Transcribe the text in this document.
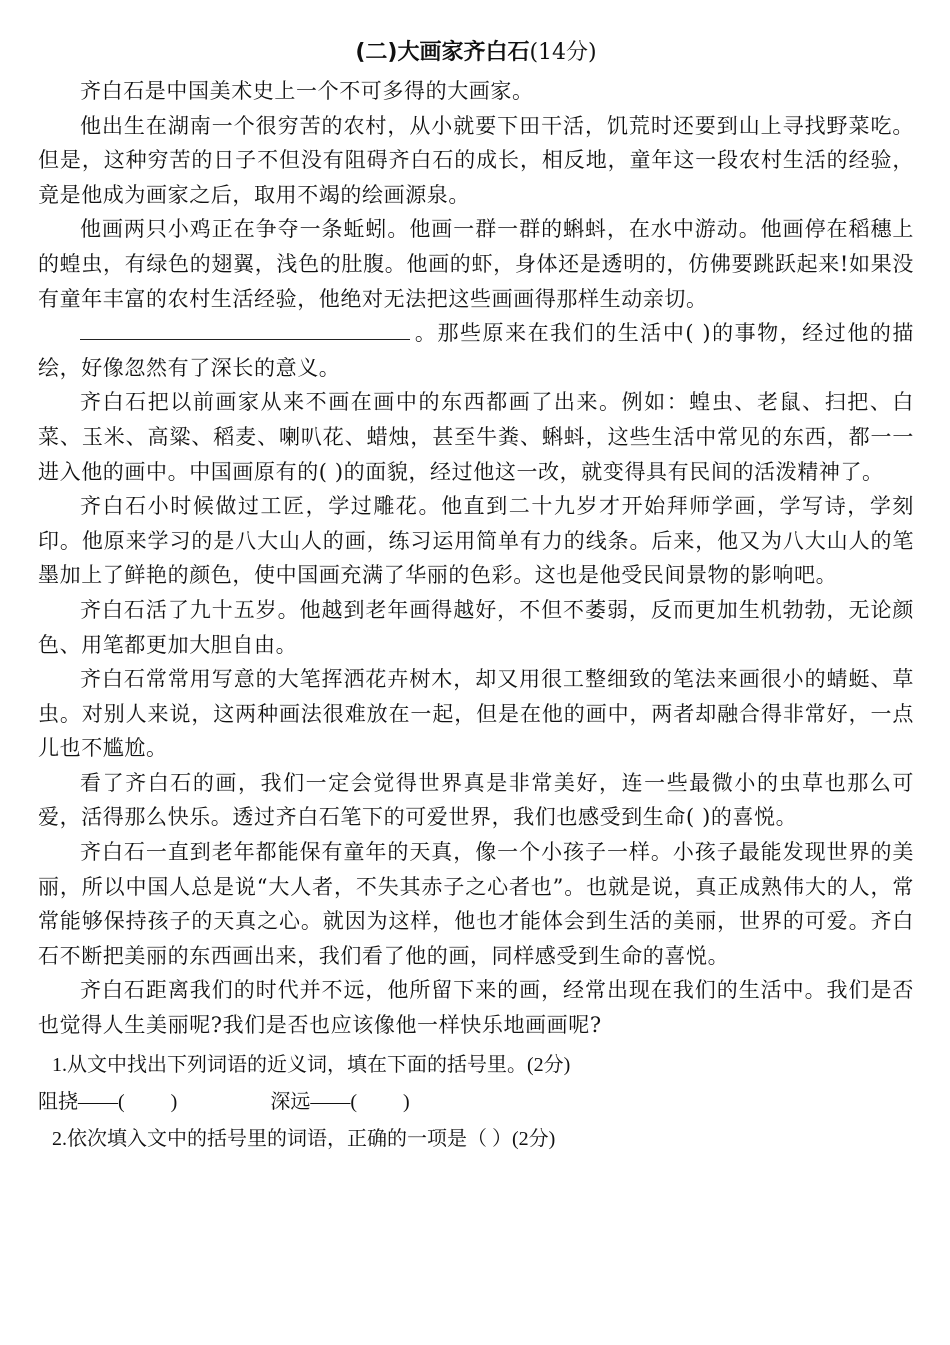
(二)大画家齐白石(14分)

齐白石是中国美术史上一个不可多得的大画家。

他出生在湖南一个很穷苦的农村，从小就要下田干活，饥荒时还要到山上寻找野菜吃。但是，这种穷苦的日子不但没有阻碍齐白石的成长，相反地，童年这一段农村生活的经验，竟是他成为画家之后，取用不竭的绘画源泉。

他画两只小鸡正在争夺一条蚯蚓。他画一群一群的蝌蚪，在水中游动。他画停在稻穗上的蝗虫，有绿色的翅翼，浅色的肚腹。他画的虾，身体还是透明的，仿佛要跳跃起来!如果没有童年丰富的农村生活经验，他绝对无法把这些画画得那样生动亲切。

。那些原来在我们的生活中( )的事物，经过他的描绘，好像忽然有了深长的意义。

齐白石把以前画家从来不画在画中的东西都画了出来。例如：蝗虫、老鼠、扫把、白菜、玉米、高粱、稻麦、喇叭花、蜡烛，甚至牛粪、蝌蚪，这些生活中常见的东西，都一一进入他的画中。中国画原有的( )的面貌，经过他这一改，就变得具有民间的活泼精神了。

齐白石小时候做过工匠，学过雕花。他直到二十九岁才开始拜师学画，学写诗，学刻印。他原来学习的是八大山人的画，练习运用简单有力的线条。后来，他又为八大山人的笔墨加上了鲜艳的颜色，使中国画充满了华丽的色彩。这也是他受民间景物的影响吧。

齐白石活了九十五岁。他越到老年画得越好，不但不萎弱，反而更加生机勃勃，无论颜色、用笔都更加大胆自由。

齐白石常常用写意的大笔挥洒花卉树木，却又用很工整细致的笔法来画很小的蜻蜓、草虫。对别人来说，这两种画法很难放在一起，但是在他的画中，两者却融合得非常好，一点儿也不尴尬。

看了齐白石的画，我们一定会觉得世界真是非常美好，连一些最微小的虫草也那么可爱，活得那么快乐。透过齐白石笔下的可爱世界，我们也感受到生命( )的喜悦。

齐白石一直到老年都能保有童年的天真，像一个小孩子一样。小孩子最能发现世界的美丽，所以中国人总是说“大人者，不失其赤子之心者也”。也就是说，真正成熟伟大的人，常常能够保持孩子的天真之心。就因为这样，他也才能体会到生活的美丽，世界的可爱。齐白石不断把美丽的东西画出来，我们看了他的画，同样感受到生命的喜悦。

齐白石距离我们的时代并不远，他所留下来的画，经常出现在我们的生活中。我们是否也觉得人生美丽呢?我们是否也应该像他一样快乐地画画呢?

1.从文中找出下列词语的近义词，填在下面的括号里。(2分)

阻挠——( )	深远——( )

2.依次填入文中的括号里的词语，正确的一项是（ ）(2分)
